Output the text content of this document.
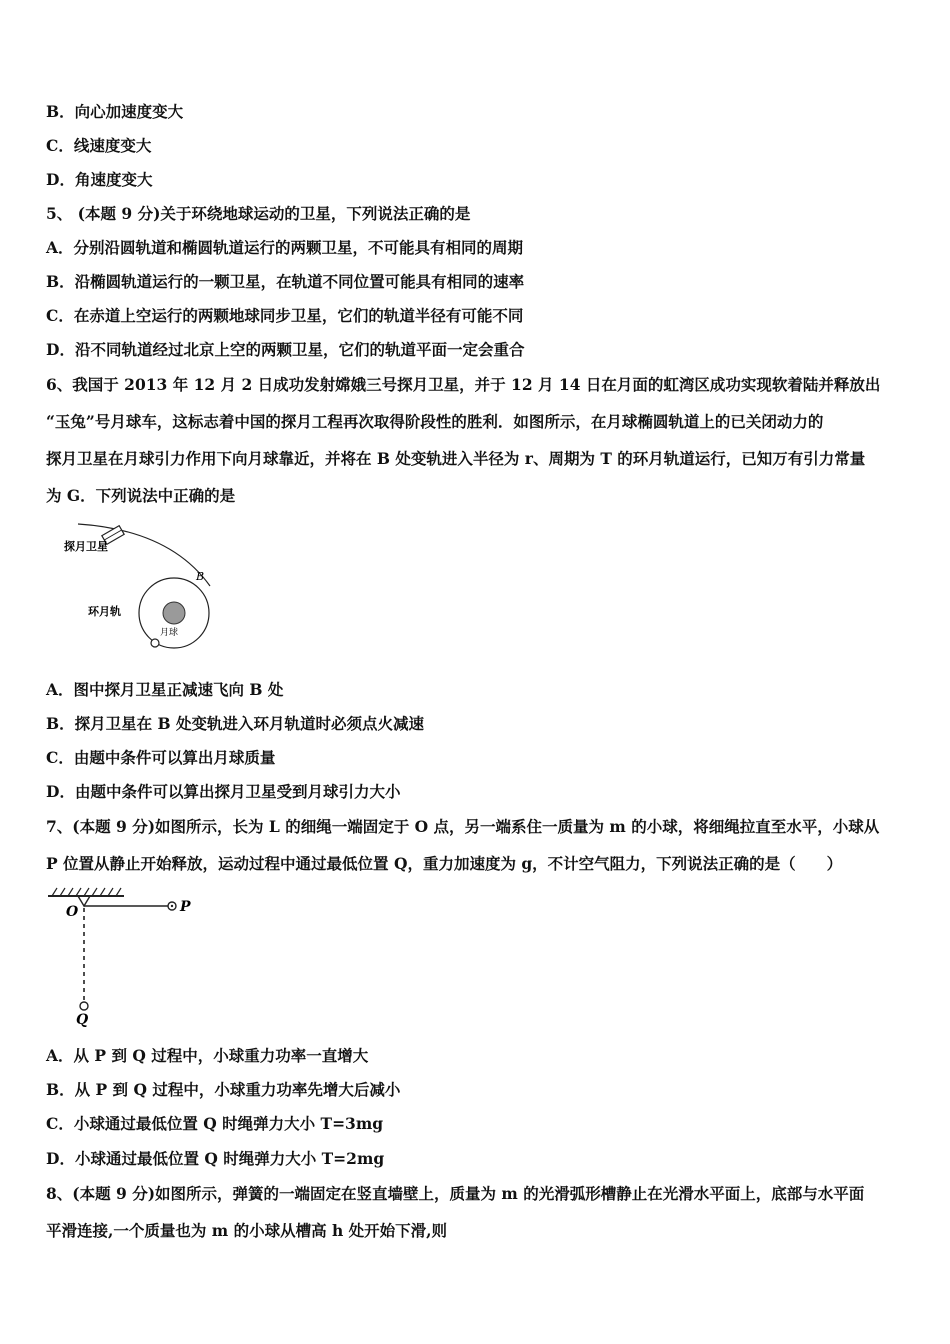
B．向心加速度变大
C．线速度变大
D．角速度变大
5、 (本题 9 分)关于环绕地球运动的卫星，下列说法正确的是
A．分别沿圆轨道和椭圆轨道运行的两颗卫星，不可能具有相同的周期
B．沿椭圆轨道运行的一颗卫星，在轨道不同位置可能具有相同的速率
C．在赤道上空运行的两颗地球同步卫星，它们的轨道半径有可能不同
D．沿不同轨道经过北京上空的两颗卫星，它们的轨道平面一定会重合
6、我国于 2013 年 12 月 2 日成功发射嫦娥三号探月卫星，并于 12 月 14 日在月面的虹湾区成功实现软着陆并释放出
“玉兔”号月球车，这标志着中国的探月工程再次取得阶段性的胜利．如图所示，在月球椭圆轨道上的已关闭动力的
探月卫星在月球引力作用下向月球靠近，并将在 B 处变轨进入半径为 r、周期为 T 的环月轨道运行，已知万有引力常量
为 G．下列说法中正确的是
探月卫星
B
月球
环月轨
A．图中探月卫星正减速飞向 B 处
B．探月卫星在 B 处变轨进入环月轨道时必须点火减速
C．由题中条件可以算出月球质量
D．由题中条件可以算出探月卫星受到月球引力大小
7、(本题 9 分)如图所示，长为 L 的细绳一端固定于 O 点，另一端系住一质量为 m 的小球，将细绳拉直至水平，小球从
P 位置从静止开始释放，运动过程中通过最低位置 Q，重力加速度为 g，不计空气阻力，下列说法正确的是（　　）
O	P
Q
A．从 P 到 Q 过程中，小球重力功率一直增大
B．从 P 到 Q 过程中，小球重力功率先增大后减小
C．小球通过最低位置 Q 时绳弹力大小 T=3mg
D．小球通过最低位置 Q 时绳弹力大小 T=2mg
8、(本题 9 分)如图所示，弹簧的一端固定在竖直墙壁上，质量为 m 的光滑弧形槽静止在光滑水平面上，底部与水平面
平滑连接,一个质量也为 m 的小球从槽高 h 处开始下滑,则
